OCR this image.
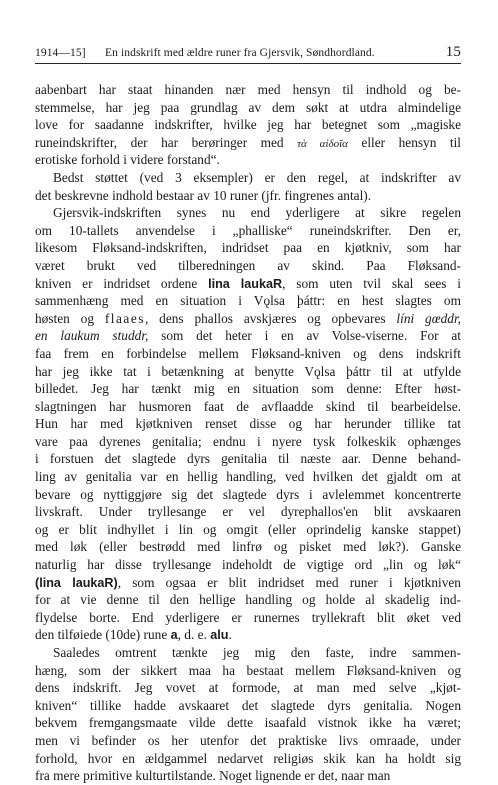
1914—15] En indskrift med ældre runer fra Gjersvik, Søndhordland.	15
aabenbart har staat hinanden nær med hensyn til indhold og be-
stemmelse, har jeg paa grundlag av dem søkt at utdra almindelige
love for saadanne indskrifter, hvilke jeg har betegnet som „magiske
runeindskrifter, der har berøringer med τὰ αἰδοῖα eller hensyn til
erotiske forhold i videre forstand“.
Bedst støttet (ved 3 eksempler) er den regel, at indskrifter av
det beskrevne indhold bestaar av 10 runer (jfr. fingrenes antal).
Gjersvik-indskriften synes nu end yderligere at sikre regelen
om 10-tallets anvendelse i „phalliske“ runeindskrifter. Den er,
likesom Fløksand-indskriften, indridset paa en kjøtkniv, som har
været brukt ved tilberedningen av skind. Paa Fløksand-
kniven er indridset ordene lina laukaR, som uten tvil skal sees i
sammenhæng med en situation i Vǫlsa þáttr: en hest slagtes om
høsten og flaaes, dens phallos avskjæres og opbevares líni gœddr,
en laukum studdr, som det heter i en av Volse-viserne. For at
faa frem en forbindelse mellem Fløksand-kniven og dens indskrift
har jeg ikke tat i betænkning at benytte Vǫlsa þáttr til at utfylde
billedet. Jeg har tænkt mig en situation som denne: Efter høst-
slagtningen har husmoren faat de avflaadde skind til bearbeidelse.
Hun har med kjøtkniven renset disse og har herunder tillike tat
vare paa dyrenes genitalia; endnu i nyere tysk folkeskik ophænges
i forstuen det slagtede dyrs genitalia til næste aar. Denne behand-
ling av genitalia var en hellig handling, ved hvilken det gjaldt om at
bevare og nyttiggjøre sig det slagtede dyrs i avlelemmet koncentrerte
livskraft. Under tryllesange er vel dyrephallos'en blit avskaaren
og er blit indhyllet i lin og omgit (eller oprindelig kanske stappet)
med løk (eller bestrødd med linfrø og pisket med løk?). Ganske
naturlig har disse tryllesange indeholdt de vigtige ord „lin og løk“
(lina laukaR), som ogsaa er blit indridset med runer i kjøtkniven
for at vie denne til den hellige handling og holde al skadelig ind-
flydelse borte. End yderligere er runernes tryllekraft blit øket ved
den tilføiede (10de) rune a, d. e. alu.
Saaledes omtrent tænkte jeg mig den faste, indre sammen-
hæng, som der sikkert maa ha bestaat mellem Fløksand-kniven og
dens indskrift. Jeg vovet at formode, at man med selve „kjøt-
kniven“ tillike hadde avskaaret det slagtede dyrs genitalia. Nogen
bekvem fremgangsmaate vilde dette isaafald vistnok ikke ha været;
men vi befinder os her utenfor det praktiske livs omraade, under
forhold, hvor en ældgammel nedarvet religiøs skik kan ha holdt sig
fra mere primitive kulturtilstande. Noget lignende er det, naar man
